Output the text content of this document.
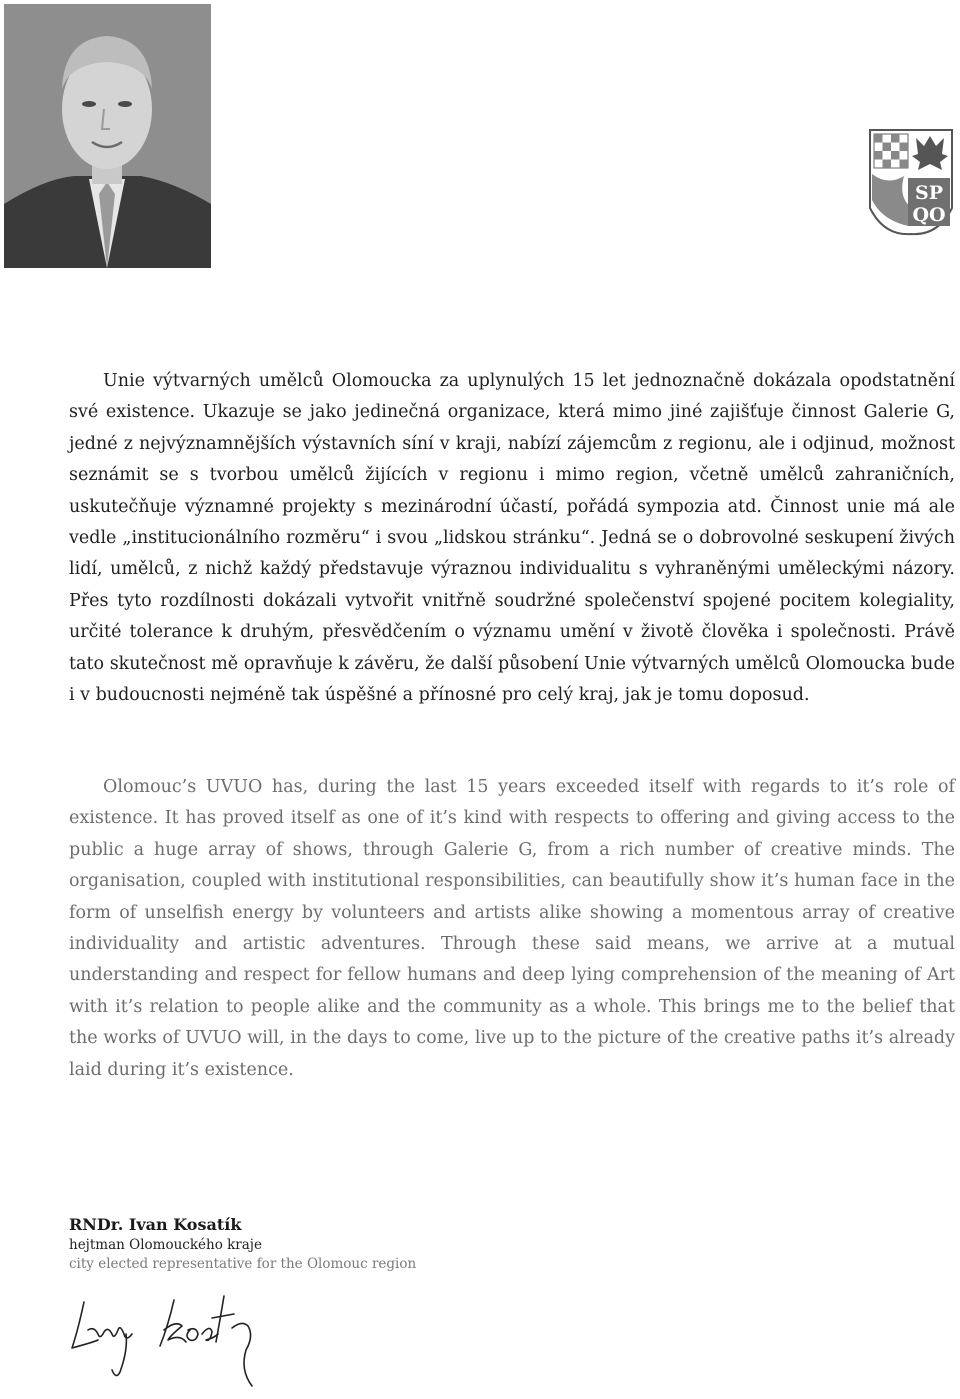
SP
QO

Unie výtvarných umělců Olomoucka za uplynulých 15 let jednoznačně dokázala opodstatnění své existence. Ukazuje se jako jedinečná organizace, která mimo jiné zajišťuje činnost Galerie G, jedné z nejvýznamnějších výstavních síní v kraji, nabízí zájemcům z regionu, ale i odjinud, možnost seznámit se s tvorbou umělců žijících v regionu i mimo region, včetně umělců zahraničních, uskutečňuje významné projekty s mezinárodní účastí, pořádá sympozia atd. Činnost unie má ale vedle „institucionálního rozměru“ i svou „lidskou stránku“. Jedná se o dobrovolné seskupení živých lidí, umělců, z nichž každý představuje výraznou individualitu s vyhraněnými uměleckými názory. Přes tyto rozdílnosti dokázali vytvořit vnitřně soudržné společenství spojené pocitem kolegiality, určité tolerance k druhým, přesvědčením o významu umění v životě člověka i společnosti. Právě tato skutečnost mě opravňuje k závěru, že další působení Unie výtvarných umělců Olomoucka bude i v budoucnosti nejméně tak úspěšné a přínosné pro celý kraj, jak je tomu doposud.

Olomouc’s UVUO has, during the last 15 years exceeded itself with regards to it’s role of existence. It has proved itself as one of it’s kind with respects to offering and giving access to the public a huge array of shows, through Galerie G, from a rich number of creative minds. The organisation, coupled with institutional responsibilities, can beautifully show it’s human face in the form of unselfish energy by volunteers and artists alike showing a momentous array of creative individuality and artistic adventures. Through these said means, we arrive at a mutual understanding and respect for fellow humans and deep lying comprehension of the meaning of Art with it’s relation to people alike and the community as a whole. This brings me to the belief that the works of UVUO will, in the days to come, live up to the picture of the creative paths it’s already laid during it’s existence.

RNDr. Ivan Kosatík
hejtman Olomouckého kraje
city elected representative for the Olomouc region
